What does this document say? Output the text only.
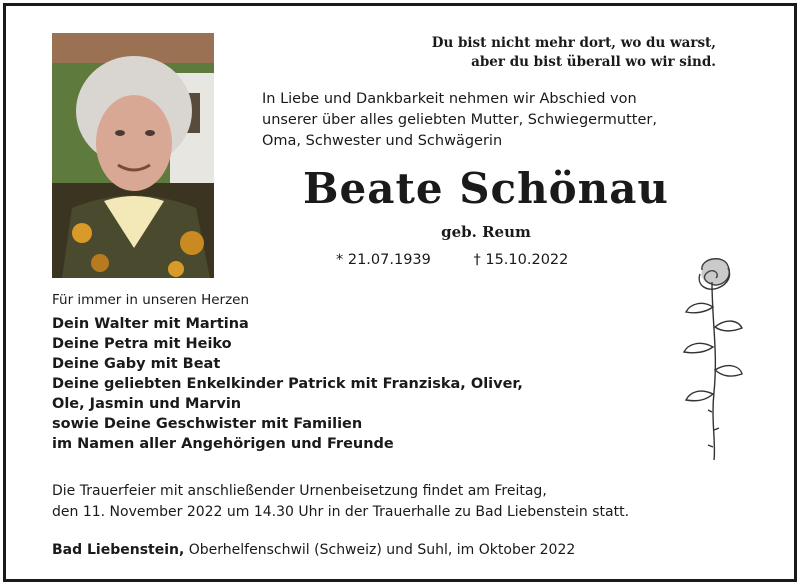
Du bist nicht mehr dort, wo du warst,
aber du bist überall wo wir sind.
In Liebe und Dankbarkeit nehmen wir Abschied von
unserer über alles geliebten Mutter, Schwiegermutter,
Oma, Schwester und Schwägerin
Beate Schönau
geb. Reum
* 21.07.1939	† 15.10.2022
Für immer in unseren Herzen
Dein Walter mit Martina
Deine Petra mit Heiko
Deine Gaby mit Beat
Deine geliebten Enkelkinder Patrick mit Franziska, Oliver,
Ole, Jasmin und Marvin
sowie Deine Geschwister mit Familien
im Namen aller Angehörigen und Freunde
Die Trauerfeier mit anschließender Urnenbeisetzung findet am Freitag,
den 11. November 2022 um 14.30 Uhr in der Trauerhalle zu Bad Liebenstein statt.
Bad Liebenstein, Oberhelfenschwil (Schweiz) und Suhl, im Oktober 2022
